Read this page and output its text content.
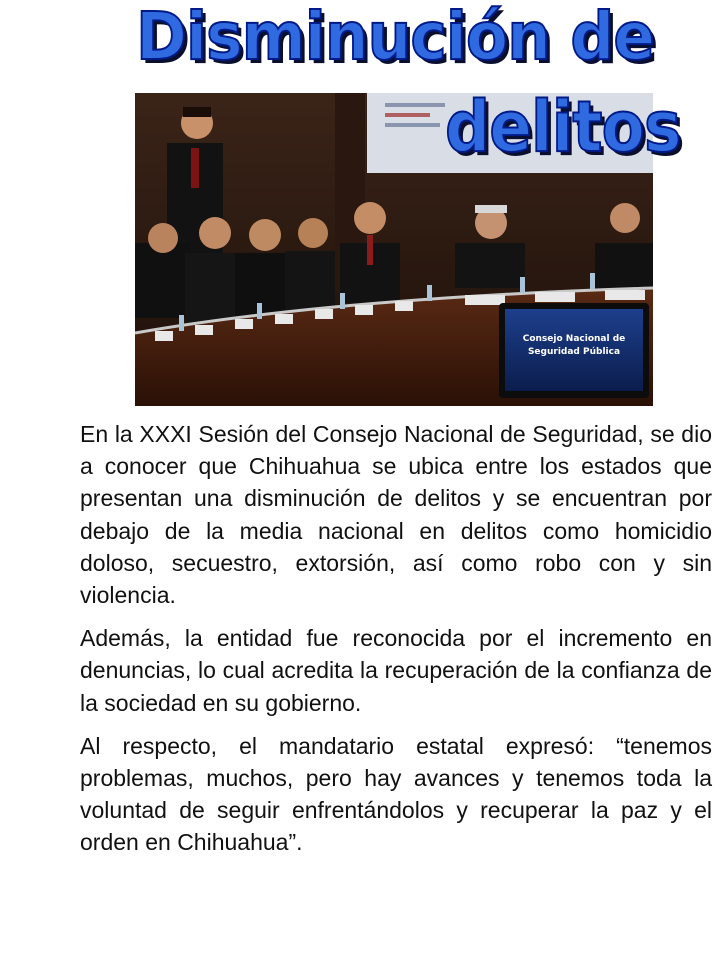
Consejo Nacional de
Seguridad Pública
Disminución de
delitos

En la XXXI Sesión del Consejo Nacional de Seguridad, se dio a conocer que Chihuahua se ubica entre los estados que presentan una disminución de delitos y se encuentran por debajo de la media nacional en delitos como homicidio doloso, secuestro, extorsión, así como robo con y sin violencia.

Además, la entidad fue reconocida por el incremento en denuncias, lo cual acredita la recuperación de la confianza de la sociedad en su gobierno.

Al respecto, el mandatario estatal expresó: “tenemos problemas, muchos, pero hay avances y tenemos toda la voluntad de seguir enfrentándolos y recuperar la paz y el orden en Chihuahua”.
